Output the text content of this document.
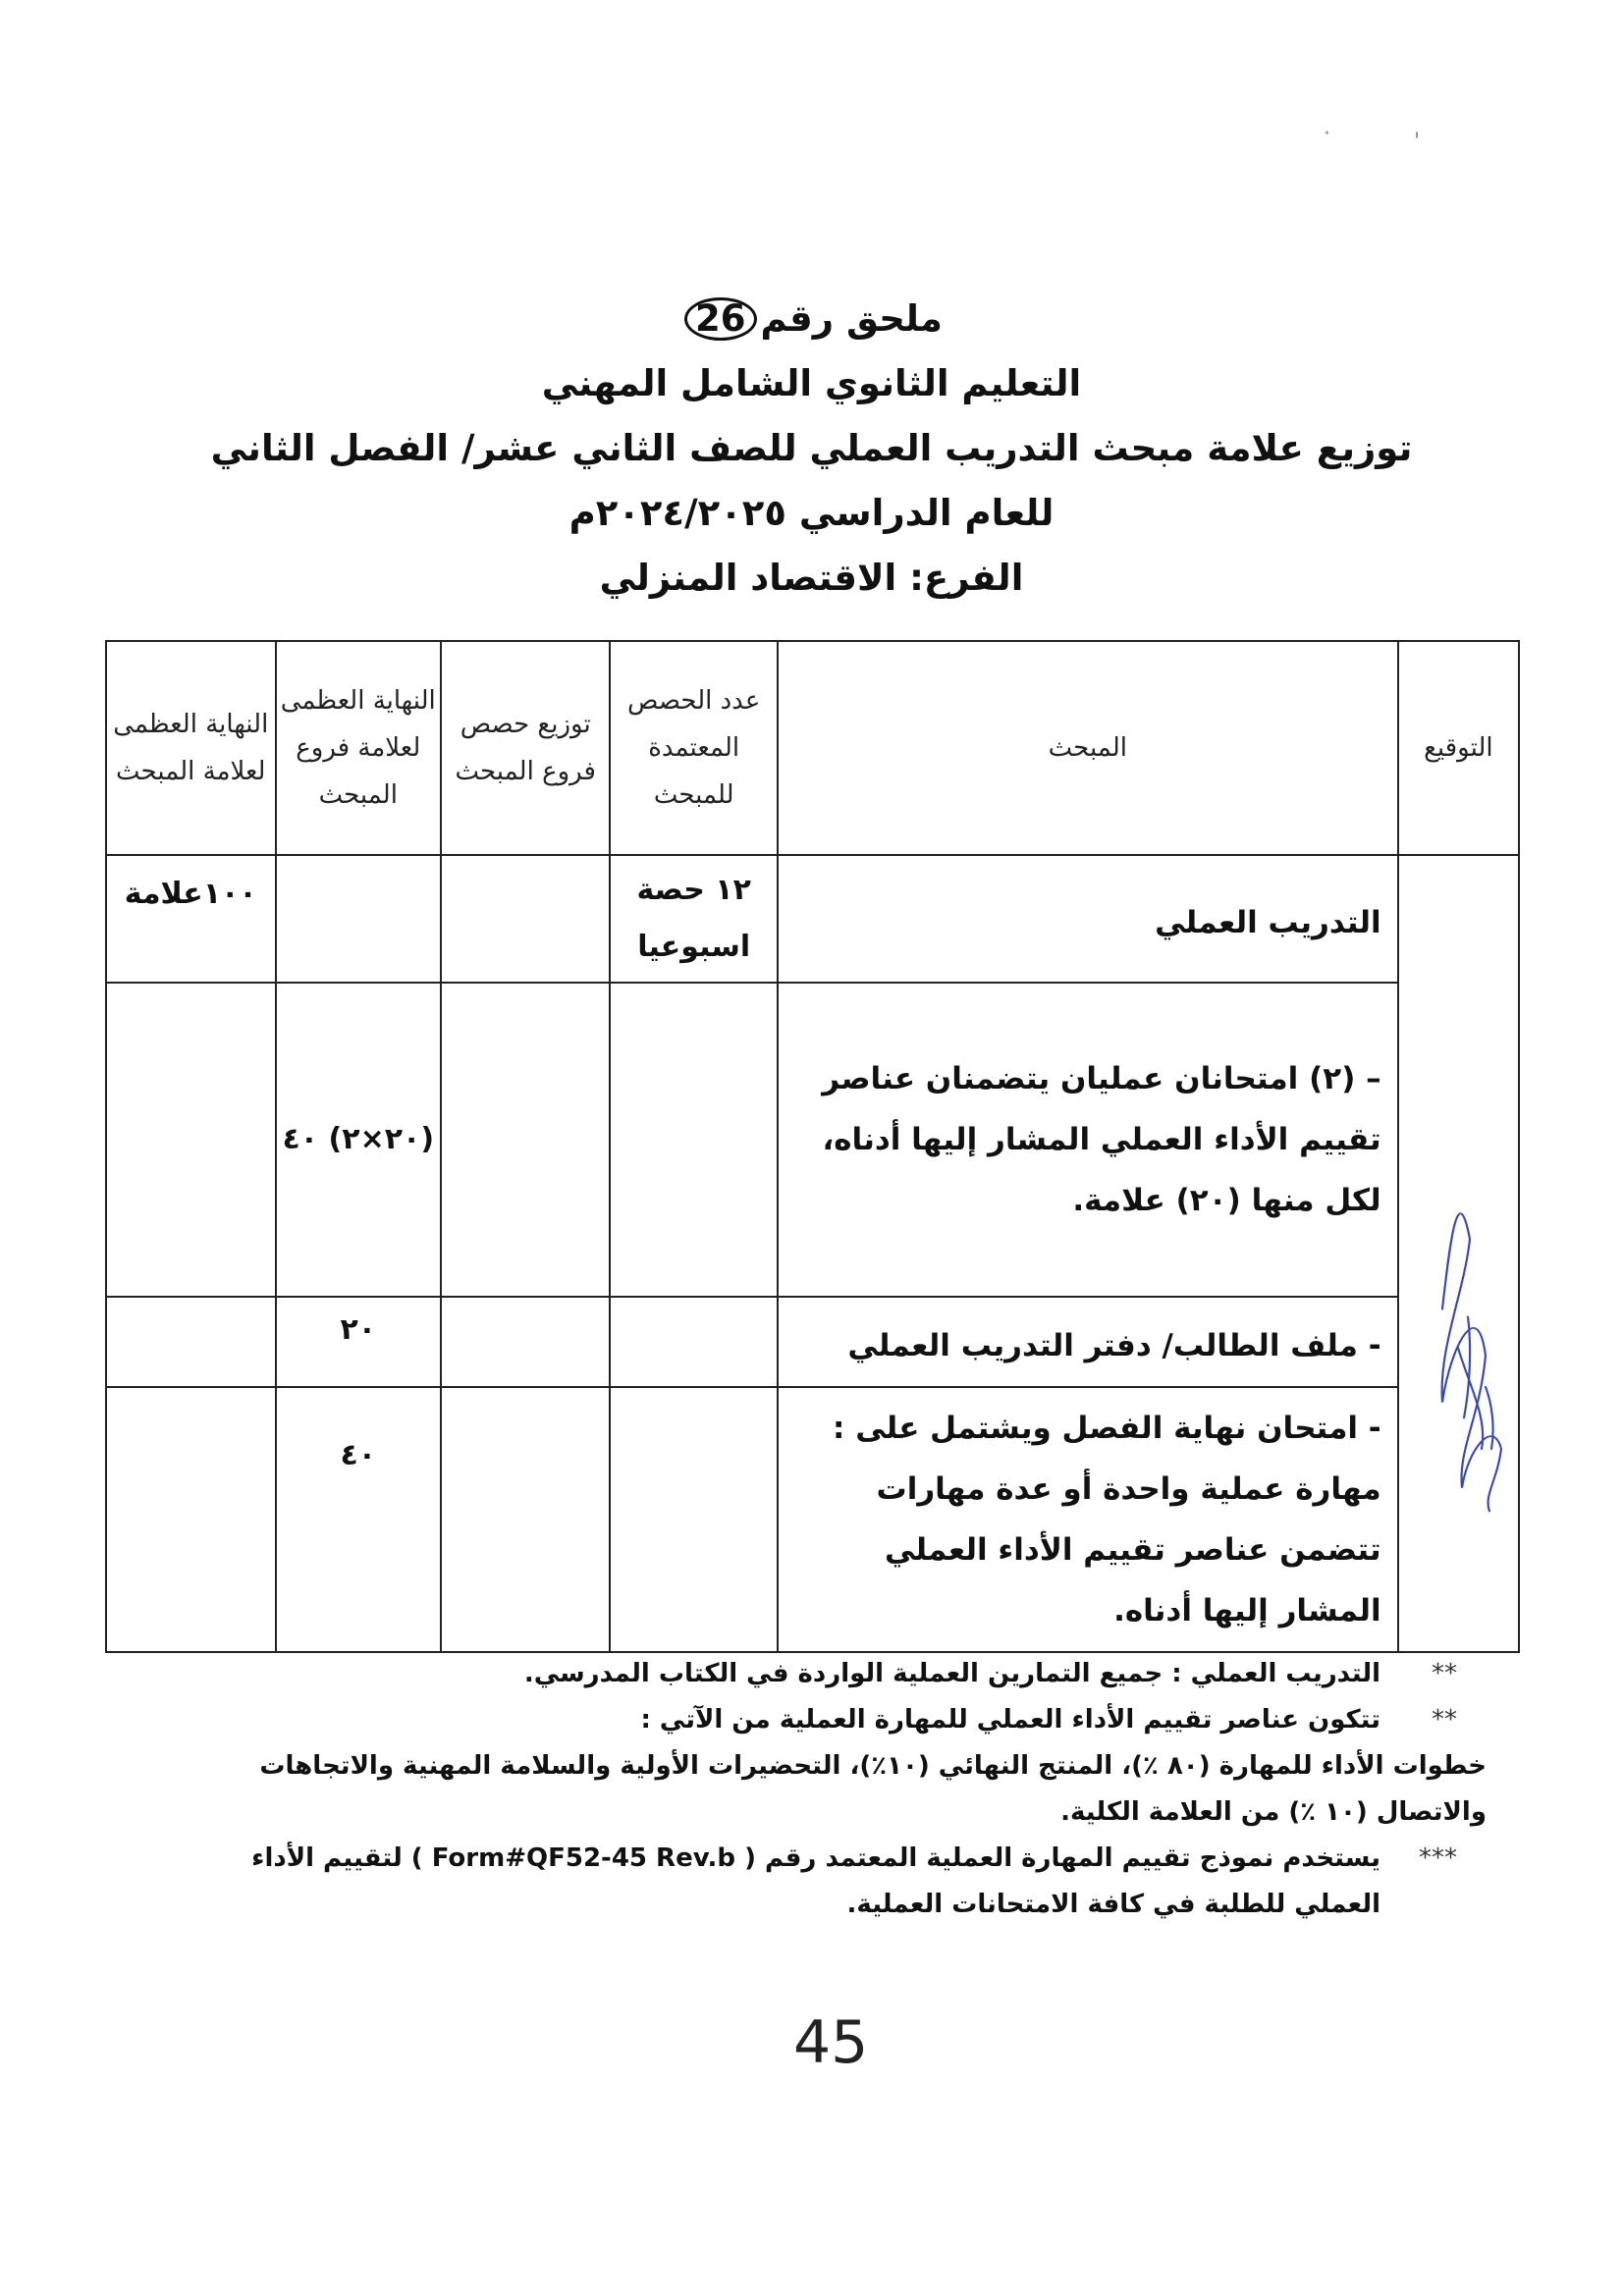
·	'
ملحق رقم26
التعليم الثانوي الشامل المهني
توزيع علامة مبحث التدريب العملي للصف الثاني عشر/ الفصل الثاني
للعام الدراسي ٢٠٢٤/٢٠٢٥م
الفرع: الاقتصاد المنزلي
التوقيع	المبحث	عدد الحصص المعتمدة للمبحث	توزيع حصص فروع المبحث	النهاية العظمى لعلامة فروع المبحث	النهاية العظمى لعلامة المبحث
	التدريب العملي	١٢ حصة اسبوعيا			١٠٠علامة

	– (٢) امتحانان عمليان يتضمنان عناصر تقييم الأداء العملي المشار إليها أدناه، لكل منها (٢٠) علامة.			(٢٠×٢) ٤٠	
	- ملف الطالب/ دفتر التدريب العملي			٢٠	
	- امتحان نهاية الفصل ويشتمل على : مهارة عملية واحدة أو عدة مهارات تتضمن عناصر تقييم الأداء العملي المشار إليها أدناه.			٤٠	
**
التدريب العملي : جميع التمارين العملية الواردة في الكتاب المدرسي.
**
تتكون عناصر تقييم الأداء العملي للمهارة العملية من الآتي :
خطوات الأداء للمهارة (٨٠ ٪)، المنتج النهائي (١٠٪)، التحضيرات الأولية والسلامة المهنية والاتجاهات والاتصال (١٠ ٪) من العلامة الكلية.
***
يستخدم نموذج تقييم المهارة العملية المعتمد رقم ( Form#QF52-45 Rev.b ) لتقييم الأداء العملي للطلبة في كافة الامتحانات العملية.
45
